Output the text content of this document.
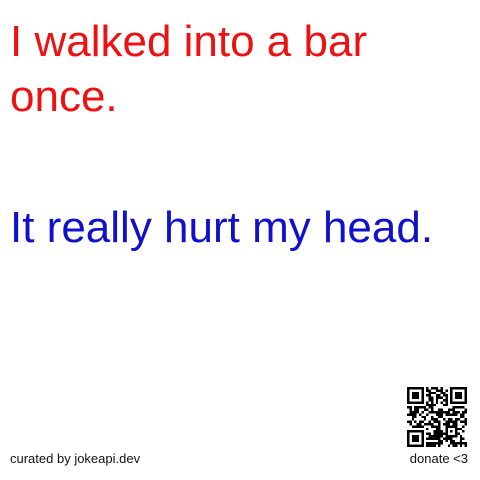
I walked into a bar once.

It really hurt my head.

curated by jokeapi.dev	donate <3
